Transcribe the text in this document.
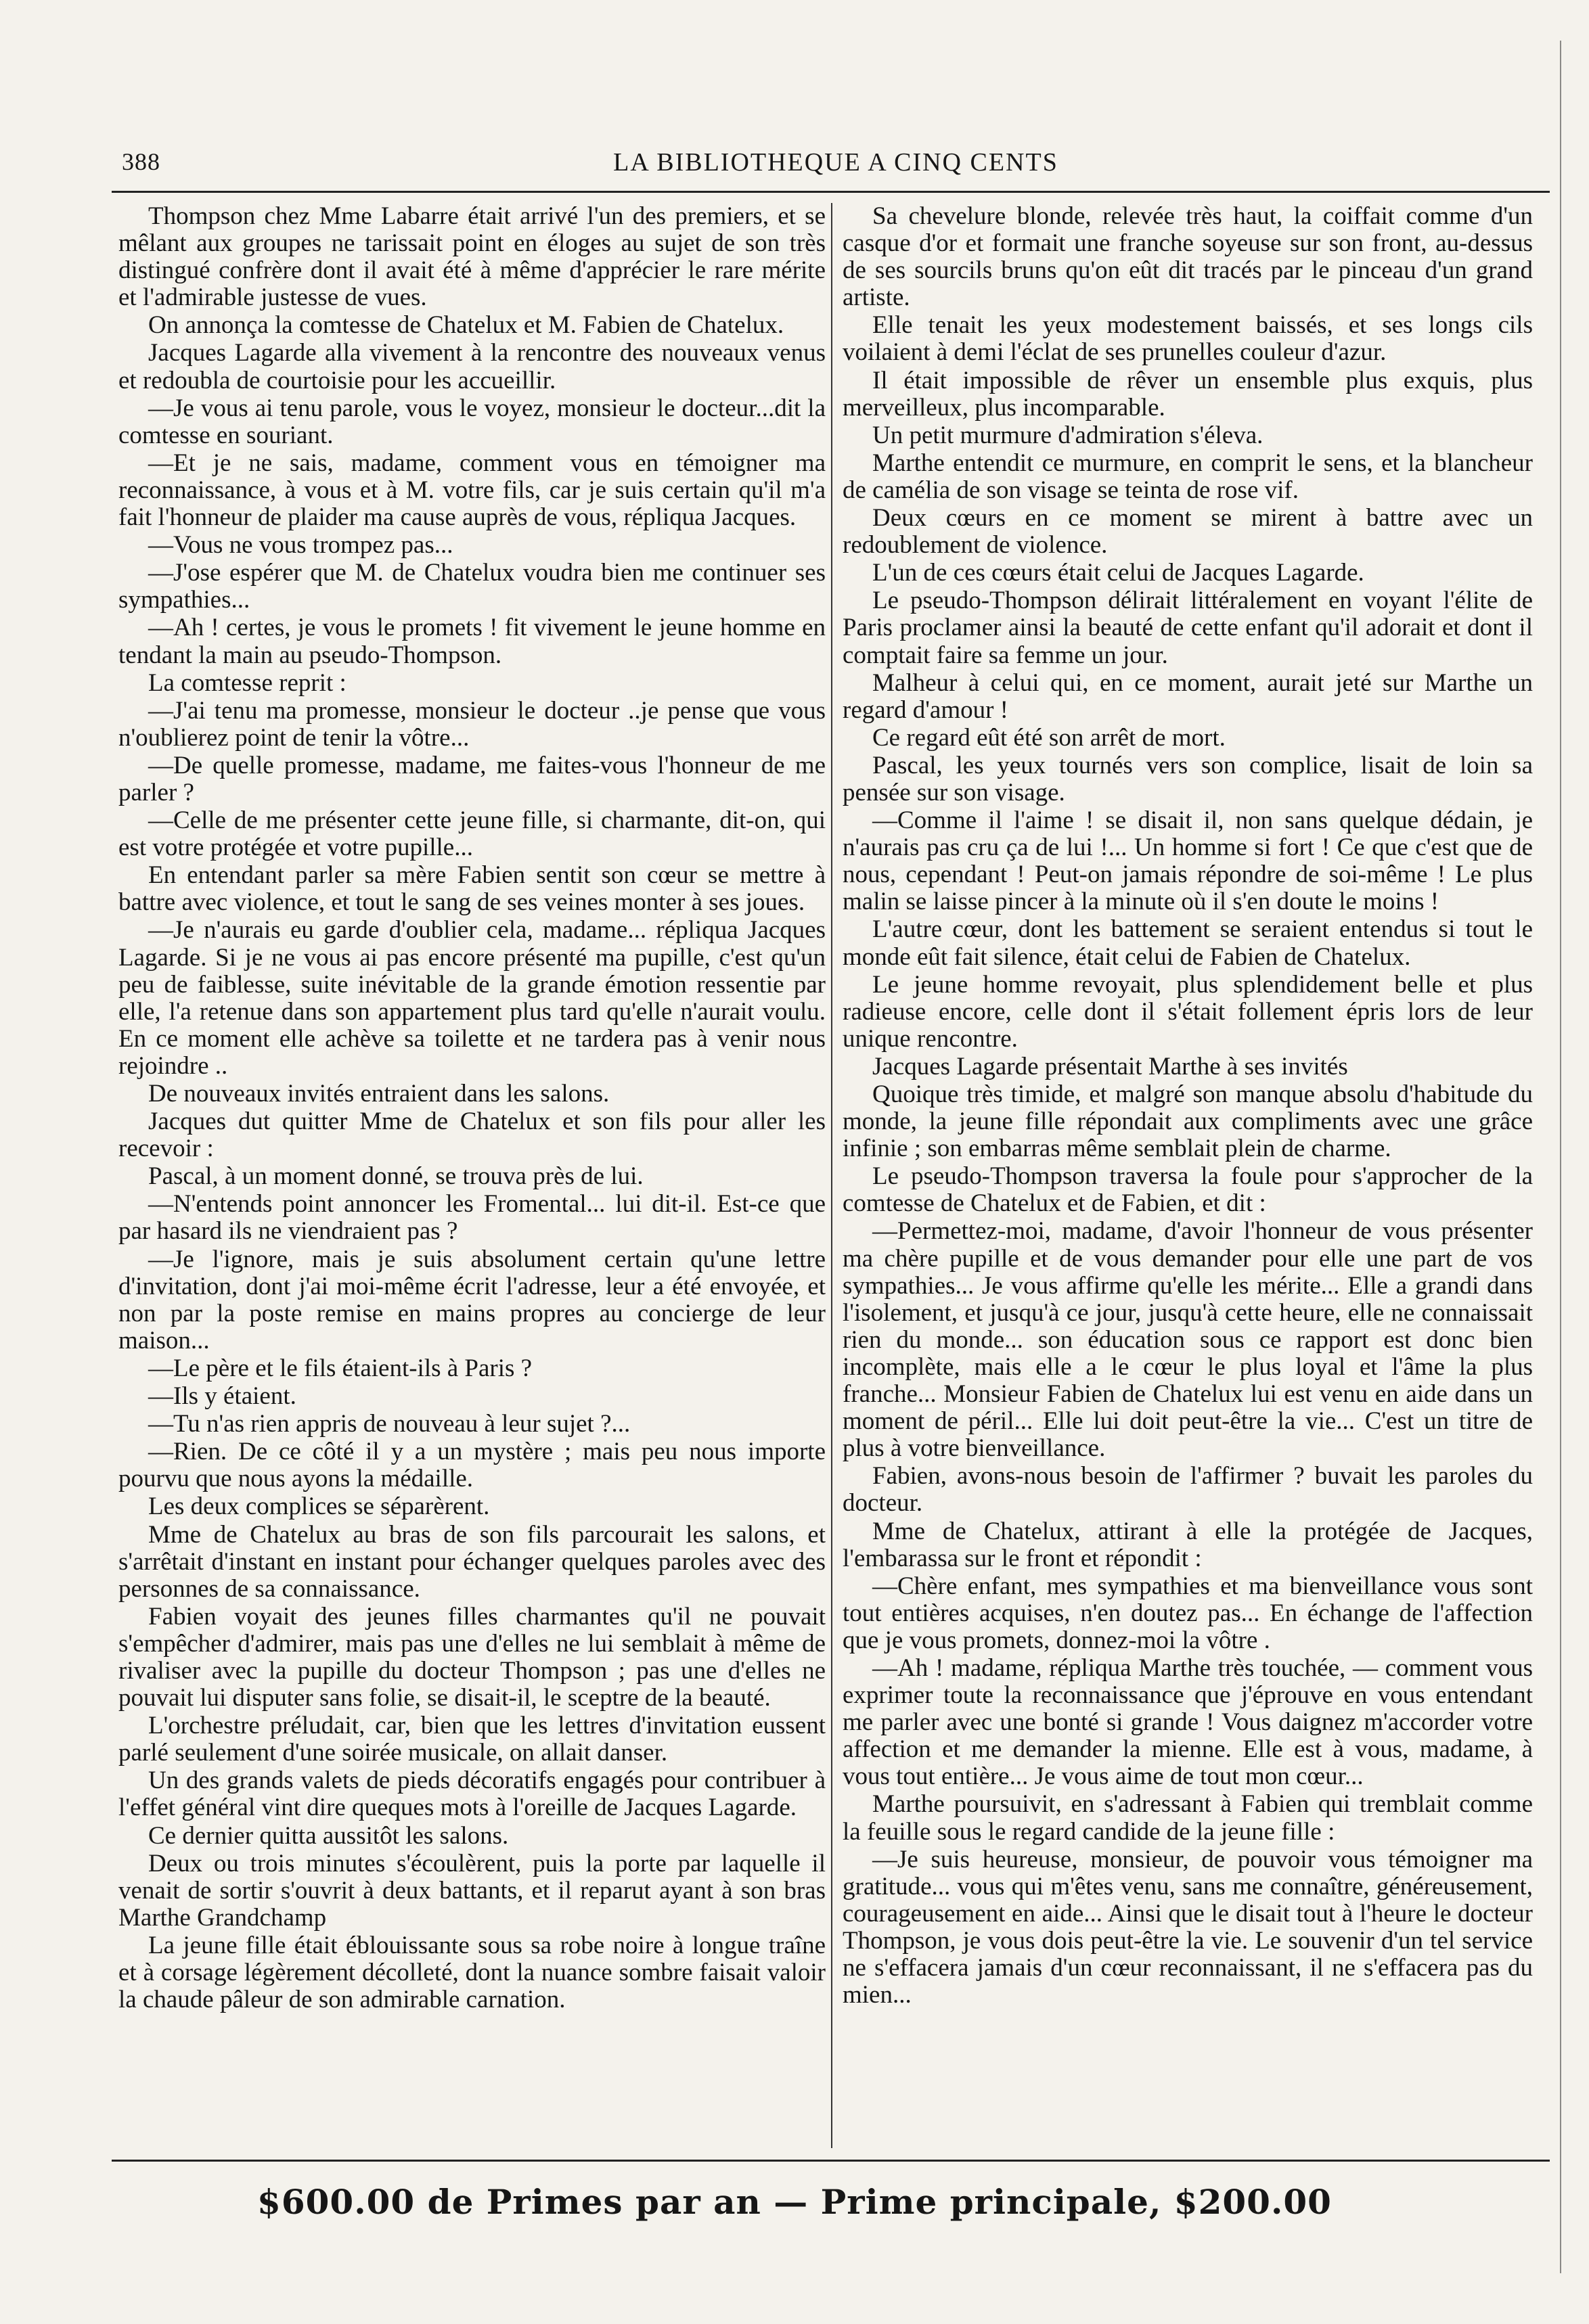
388	LA BIBLIOTHEQUE A CINQ CENTS

Thompson chez Mme Labarre était arrivé l'un des premiers, et se mêlant aux groupes ne tarissait point en éloges au sujet de son très distingué confrère dont il avait été à même d'apprécier le rare mérite et l'admirable justesse de vues.

On annonça la comtesse de Chatelux et M. Fabien de Chatelux.

Jacques Lagarde alla vivement à la rencontre des nouveaux venus et redoubla de courtoisie pour les accueillir.

—Je vous ai tenu parole, vous le voyez, monsieur le docteur...dit la comtesse en souriant.

—Et je ne sais, madame, comment vous en témoigner ma reconnaissance, à vous et à M. votre fils, car je suis certain qu'il m'a fait l'honneur de plaider ma cause auprès de vous, répliqua Jacques.

—Vous ne vous trompez pas...

—J'ose espérer que M. de Chatelux voudra bien me continuer ses sympathies...

—Ah ! certes, je vous le promets ! fit vivement le jeune homme en tendant la main au pseudo-Thompson.

La comtesse reprit :

—J'ai tenu ma promesse, monsieur le docteur ..je pense que vous n'oublierez point de tenir la vôtre...

—De quelle promesse, madame, me faites-vous l'honneur de me parler ?

—Celle de me présenter cette jeune fille, si charmante, dit-on, qui est votre protégée et votre pupille...

En entendant parler sa mère Fabien sentit son cœur se mettre à battre avec violence, et tout le sang de ses veines monter à ses joues.

—Je n'aurais eu garde d'oublier cela, madame... répliqua Jacques Lagarde. Si je ne vous ai pas encore présenté ma pupille, c'est qu'un peu de faiblesse, suite inévitable de la grande émotion ressentie par elle, l'a retenue dans son appartement plus tard qu'elle n'aurait voulu. En ce moment elle achève sa toilette et ne tardera pas à venir nous rejoindre ..

De nouveaux invités entraient dans les salons.

Jacques dut quitter Mme de Chatelux et son fils pour aller les recevoir :

Pascal, à un moment donné, se trouva près de lui.

—N'entends point annoncer les Fromental... lui dit-il. Est-ce que par hasard ils ne viendraient pas ?

—Je l'ignore, mais je suis absolument certain qu'une lettre d'invitation, dont j'ai moi-même écrit l'adresse, leur a été envoyée, et non par la poste remise en mains propres au concierge de leur maison...

—Le père et le fils étaient-ils à Paris ?

—Ils y étaient.

—Tu n'as rien appris de nouveau à leur sujet ?...

—Rien. De ce côté il y a un mystère ; mais peu nous importe pourvu que nous ayons la médaille.

Les deux complices se séparèrent.

Mme de Chatelux au bras de son fils parcourait les salons, et s'arrêtait d'instant en instant pour échanger quelques paroles avec des personnes de sa connaissance.

Fabien voyait des jeunes filles charmantes qu'il ne pouvait s'empêcher d'admirer, mais pas une d'elles ne lui semblait à même de rivaliser avec la pupille du docteur Thompson ; pas une d'elles ne pouvait lui disputer sans folie, se disait-il, le sceptre de la beauté.

L'orchestre préludait, car, bien que les lettres d'invitation eussent parlé seulement d'une soirée musicale, on allait danser.

Un des grands valets de pieds décoratifs engagés pour contribuer à l'effet général vint dire queques mots à l'oreille de Jacques Lagarde.

Ce dernier quitta aussitôt les salons.

Deux ou trois minutes s'écoulèrent, puis la porte par laquelle il venait de sortir s'ouvrit à deux battants, et il reparut ayant à son bras Marthe Grandchamp

La jeune fille était éblouissante sous sa robe noire à longue traîne et à corsage légèrement décolleté, dont la nuance sombre faisait valoir la chaude pâleur de son admirable carnation.

Sa chevelure blonde, relevée très haut, la coiffait comme d'un casque d'or et formait une franche soyeuse sur son front, au-dessus de ses sourcils bruns qu'on eût dit tracés par le pinceau d'un grand artiste.

Elle tenait les yeux modestement baissés, et ses longs cils voilaient à demi l'éclat de ses prunelles couleur d'azur.

Il était impossible de rêver un ensemble plus exquis, plus merveilleux, plus incomparable.

Un petit murmure d'admiration s'éleva.

Marthe entendit ce murmure, en comprit le sens, et la blancheur de camélia de son visage se teinta de rose vif.

Deux cœurs en ce moment se mirent à battre avec un redoublement de violence.

L'un de ces cœurs était celui de Jacques Lagarde.

Le pseudo-Thompson délirait littéralement en voyant l'élite de Paris proclamer ainsi la beauté de cette enfant qu'il adorait et dont il comptait faire sa femme un jour.

Malheur à celui qui, en ce moment, aurait jeté sur Marthe un regard d'amour !

Ce regard eût été son arrêt de mort.

Pascal, les yeux tournés vers son complice, lisait de loin sa pensée sur son visage.

—Comme il l'aime ! se disait il, non sans quelque dédain, je n'aurais pas cru ça de lui !... Un homme si fort ! Ce que c'est que de nous, cependant ! Peut-on jamais répondre de soi-même ! Le plus malin se laisse pincer à la minute où il s'en doute le moins !

L'autre cœur, dont les battement se seraient entendus si tout le monde eût fait silence, était celui de Fabien de Chatelux.

Le jeune homme revoyait, plus splendidement belle et plus radieuse encore, celle dont il s'était follement épris lors de leur unique rencontre.

Jacques Lagarde présentait Marthe à ses invités

Quoique très timide, et malgré son manque absolu d'habitude du monde, la jeune fille répondait aux compliments avec une grâce infinie ; son embarras même semblait plein de charme.

Le pseudo-Thompson traversa la foule pour s'approcher de la comtesse de Chatelux et de Fabien, et dit :

—Permettez-moi, madame, d'avoir l'honneur de vous présenter ma chère pupille et de vous demander pour elle une part de vos sympathies... Je vous affirme qu'elle les mérite... Elle a grandi dans l'isolement, et jusqu'à ce jour, jusqu'à cette heure, elle ne connaissait rien du monde... son éducation sous ce rapport est donc bien incomplète, mais elle a le cœur le plus loyal et l'âme la plus franche... Monsieur Fabien de Chatelux lui est venu en aide dans un moment de péril... Elle lui doit peut-être la vie... C'est un titre de plus à votre bienveillance.

Fabien, avons-nous besoin de l'affirmer ? buvait les paroles du docteur.

Mme de Chatelux, attirant à elle la protégée de Jacques, l'embarassa sur le front et répondit :

—Chère enfant, mes sympathies et ma bienveillance vous sont tout entières acquises, n'en doutez pas... En échange de l'affection que je vous promets, donnez-moi la vôtre .

—Ah ! madame, répliqua Marthe très touchée, — comment vous exprimer toute la reconnaissance que j'éprouve en vous entendant me parler avec une bonté si grande ! Vous daignez m'accorder votre affection et me demander la mienne. Elle est à vous, madame, à vous tout entière... Je vous aime de tout mon cœur...

Marthe poursuivit, en s'adressant à Fabien qui tremblait comme la feuille sous le regard candide de la jeune fille :

—Je suis heureuse, monsieur, de pouvoir vous témoigner ma gratitude... vous qui m'êtes venu, sans me connaître, généreusement, courageusement en aide... Ainsi que le disait tout à l'heure le docteur Thompson, je vous dois peut-être la vie. Le souvenir d'un tel service ne s'effacera jamais d'un cœur reconnaissant, il ne s'effacera pas du mien...

$600.00 de Primes par an — Prime principale, $200.00
